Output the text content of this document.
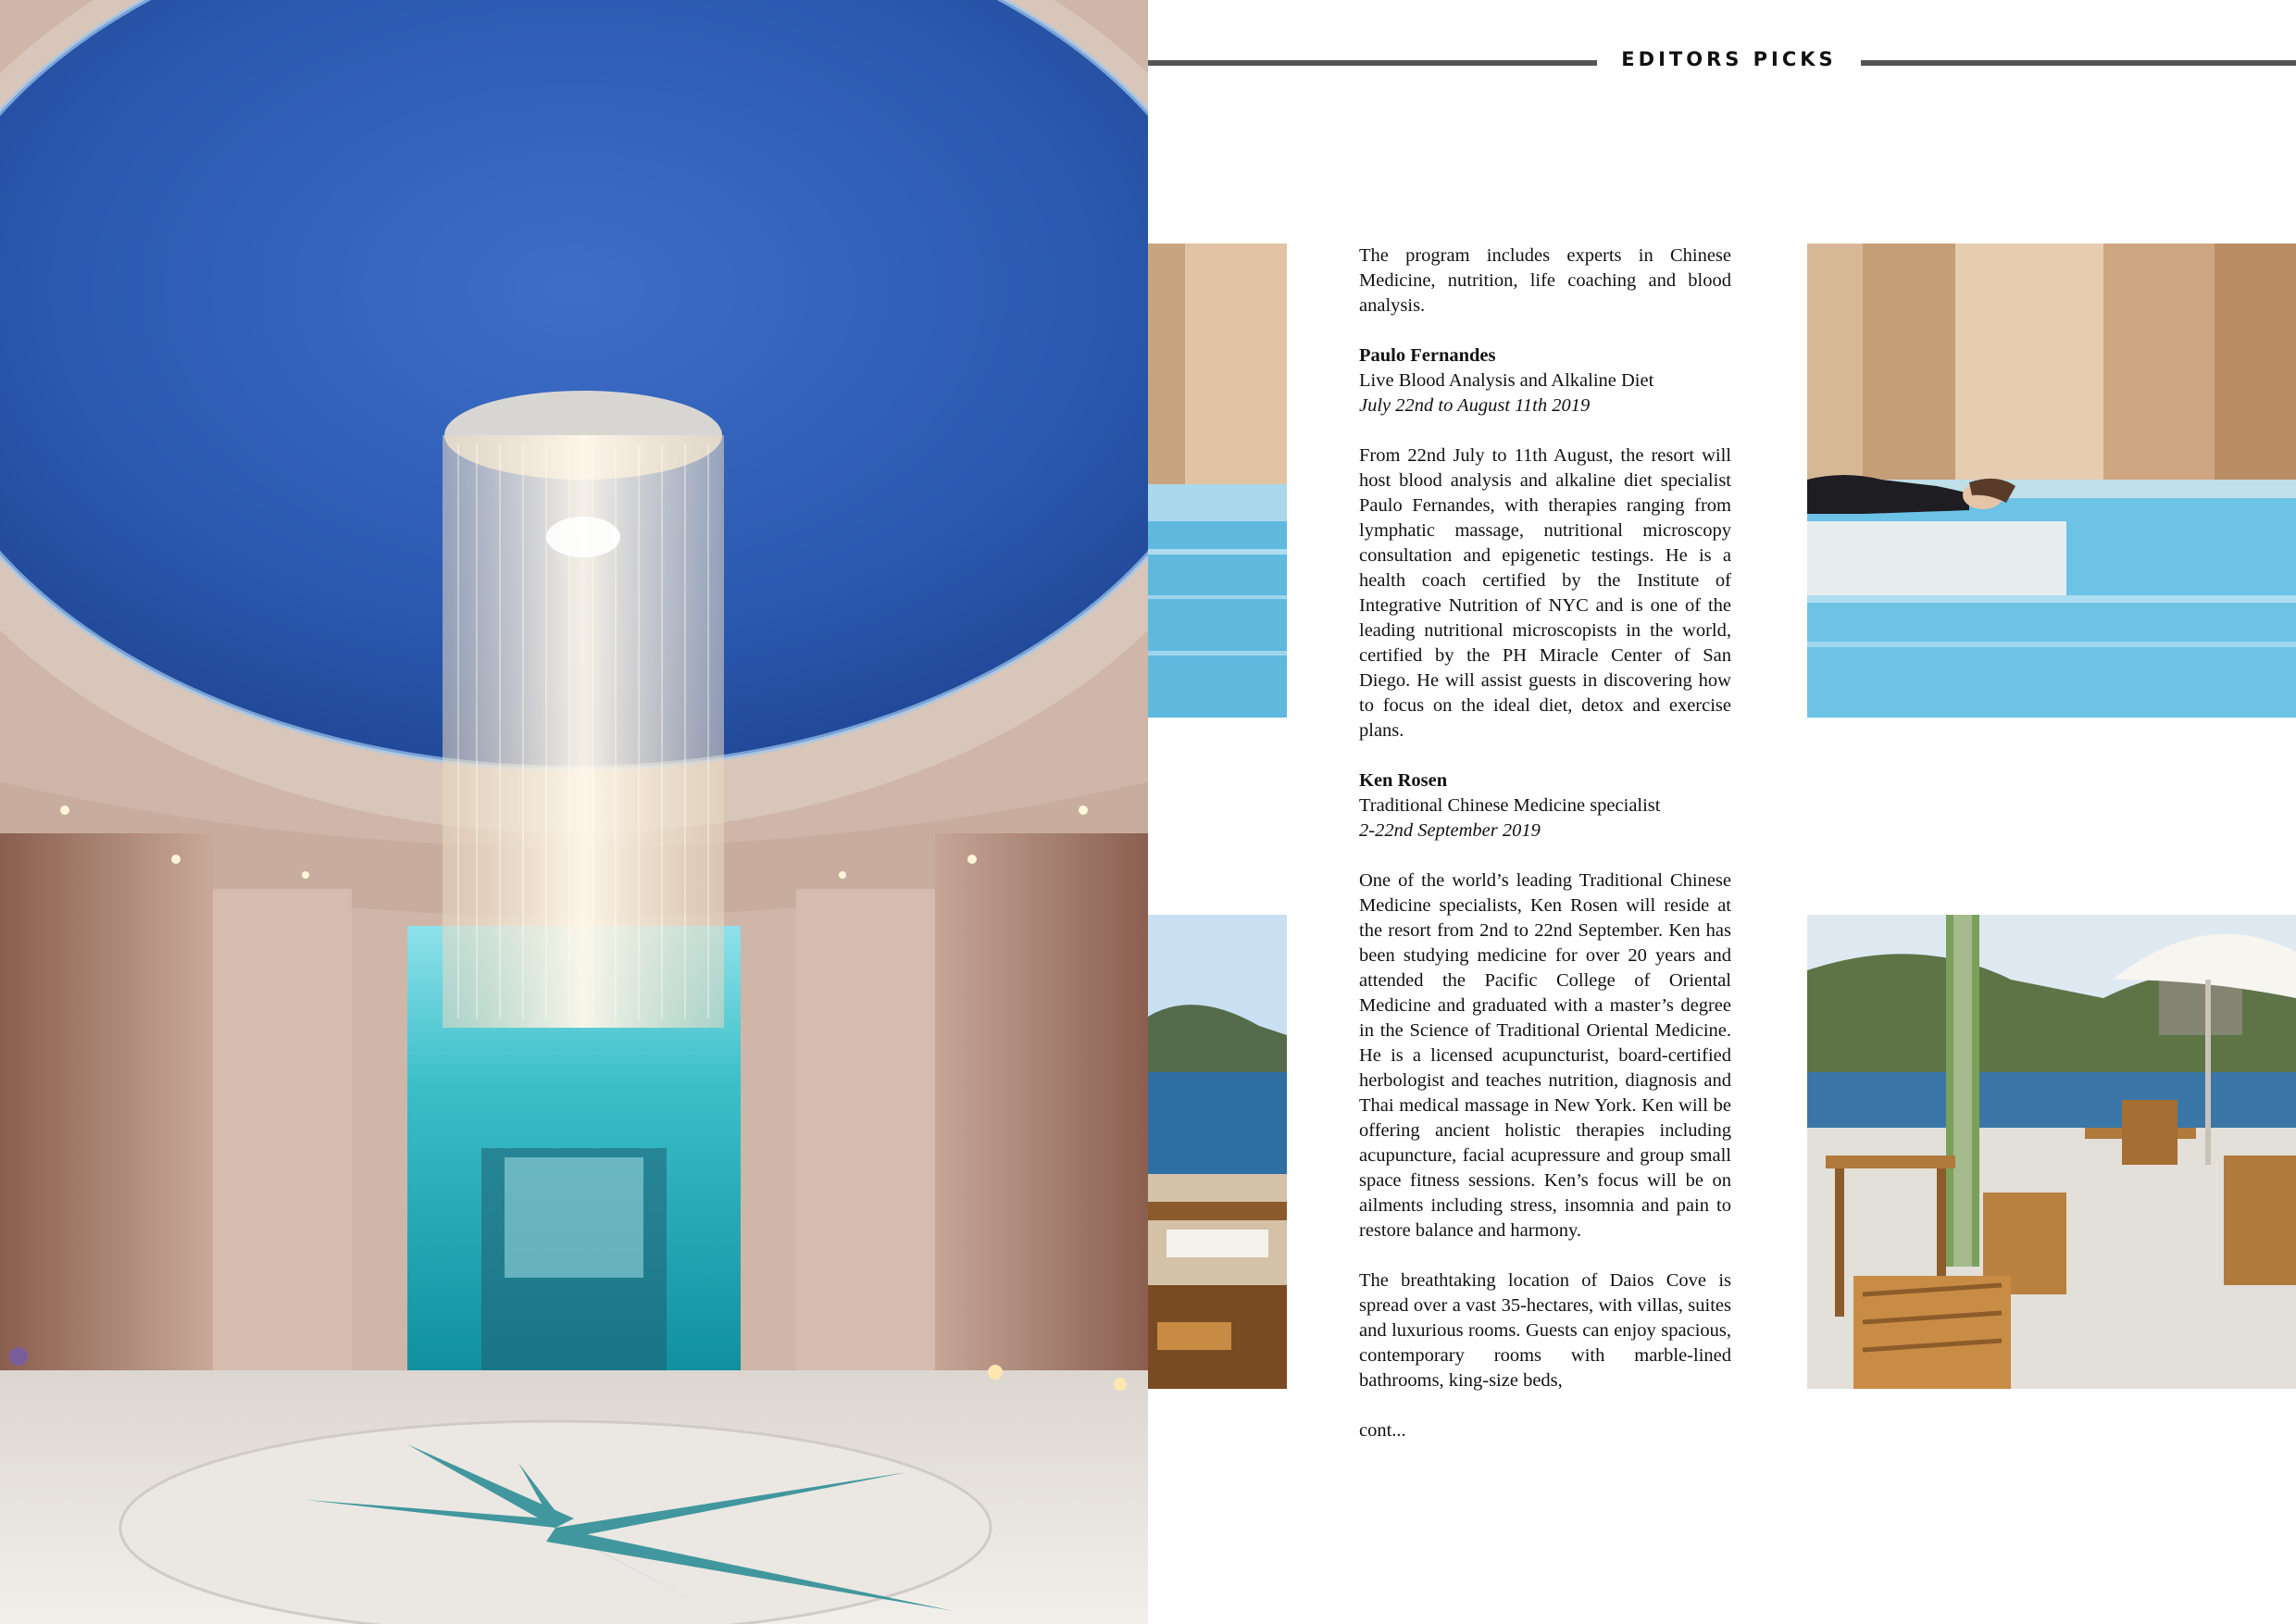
EDITORS PICKS

The program includes experts in Chinese Medicine, nutrition, life coaching and blood analysis.

Paulo Fernandes
Live Blood Analysis and Alkaline Diet
July 22nd to August 11th 2019

From 22nd July to 11th August, the resort will host blood analysis and alkaline diet specialist Paulo Fernandes, with therapies ranging from lymphatic massage, nutritional microscopy consultation and epigenetic testings. He is a health coach certified by the Institute of Integrative Nutrition of NYC and is one of the leading nutritional microscopists in the world, certified by the PH Miracle Center of San Diego. He will assist guests in discovering how to focus on the ideal diet, detox and exercise plans.

Ken Rosen
Traditional Chinese Medicine specialist
2-22nd September 2019

One of the world’s leading Traditional Chinese Medicine specialists, Ken Rosen will reside at the resort from 2nd to 22nd September. Ken has been studying medicine for over 20 years and attended the Pacific College of Oriental Medicine and graduated with a master’s degree in the Science of Traditional Oriental Medicine. He is a licensed acupuncturist, board-certified herbologist and teaches nutrition, diagnosis and Thai medical massage in New York. Ken will be offering ancient holistic therapies including acupuncture, facial acupressure and group small space fitness sessions. Ken’s focus will be on ailments including stress, insomnia and pain to restore balance and harmony.

The breathtaking location of Daios Cove is spread over a vast 35-hectares, with villas, suites and luxurious rooms. Guests can enjoy spacious, contemporary rooms with marble-lined bathrooms, king-size beds,

cont...
